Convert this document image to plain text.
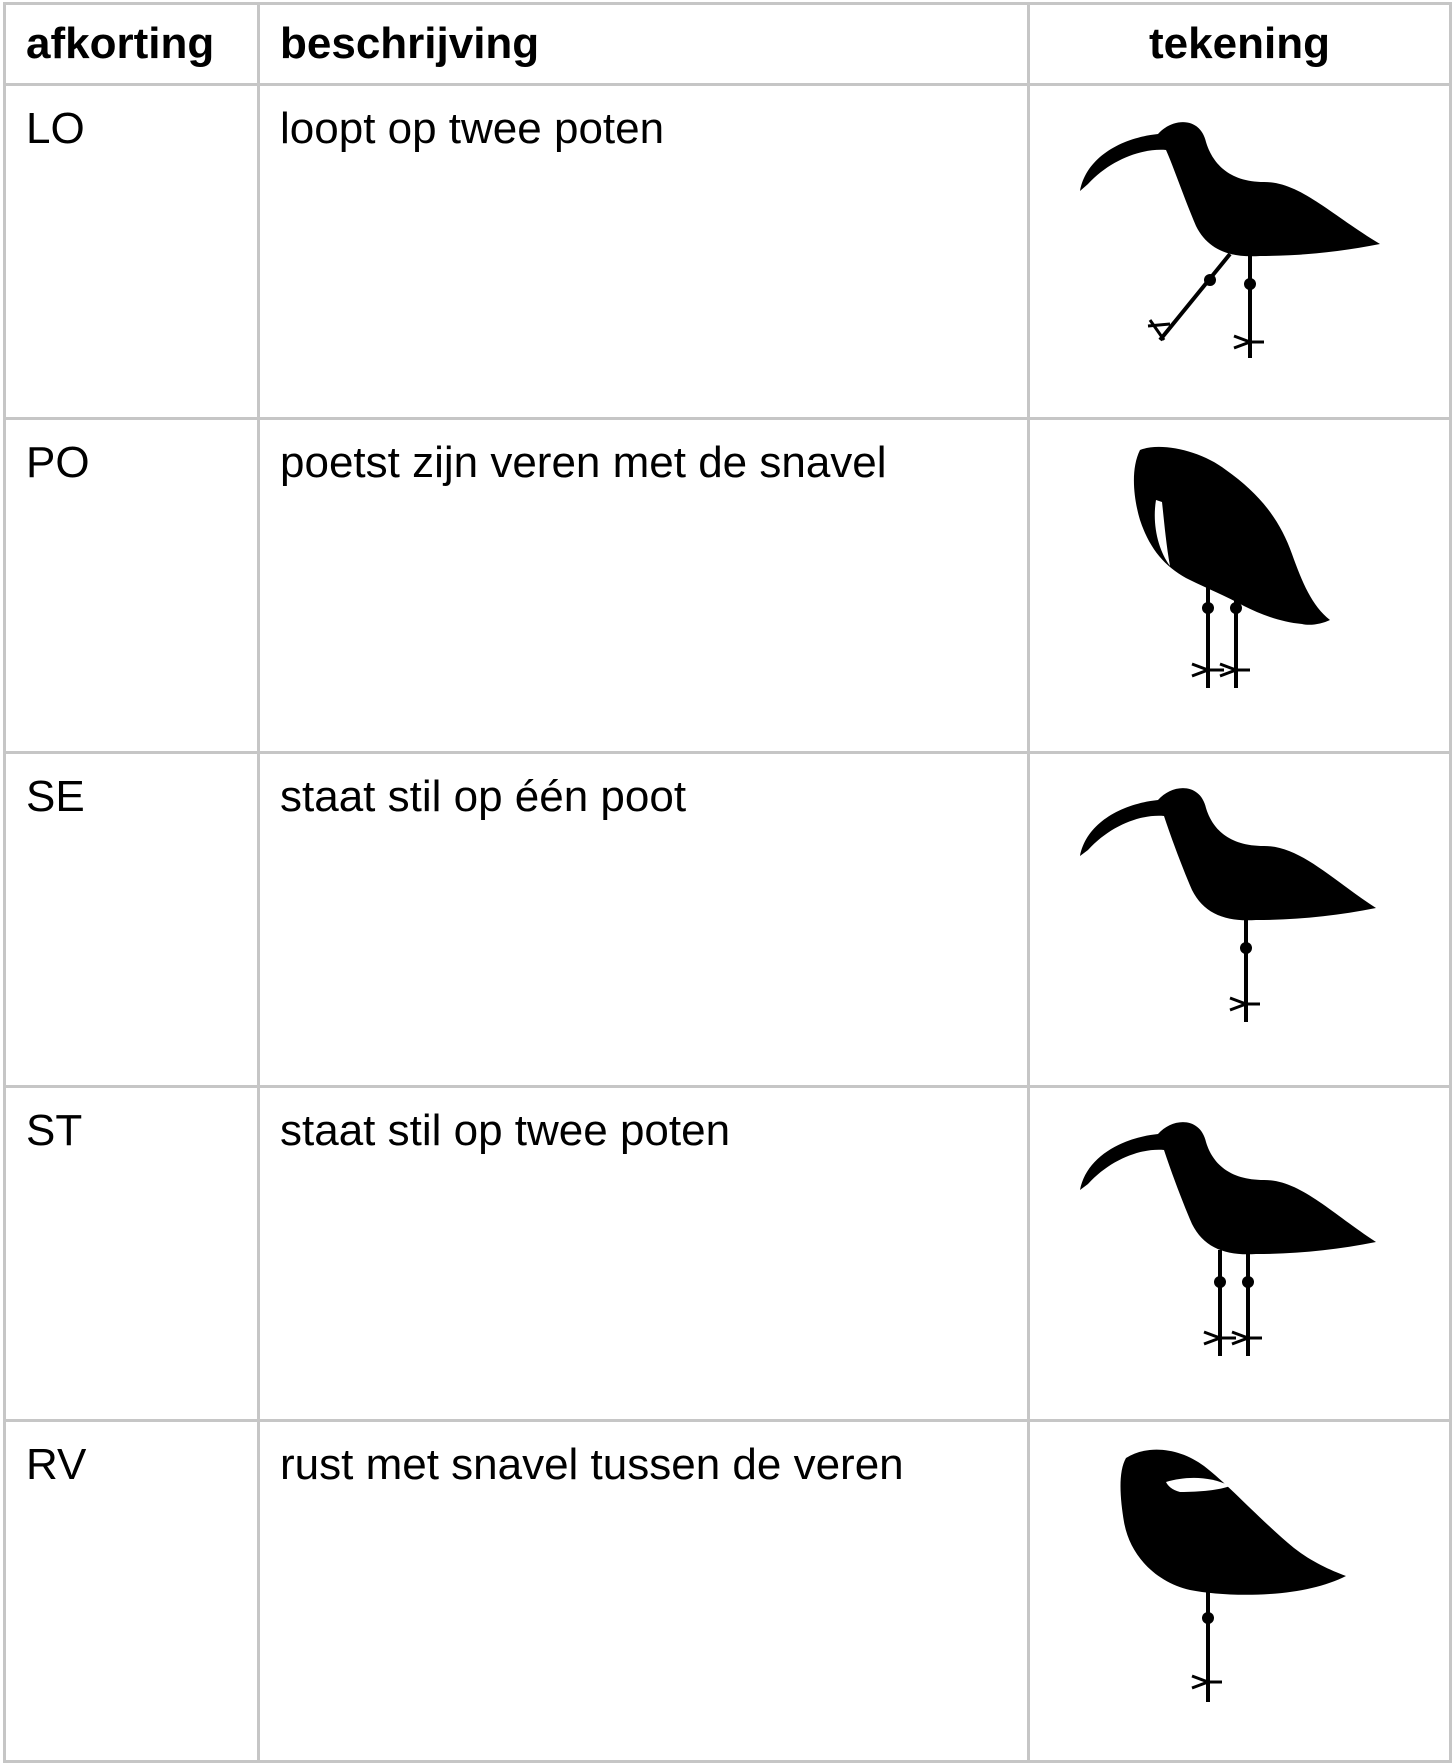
afkorting	beschrijving	tekening
LO	loopt op twee poten	

PO	poetst zijn veren met de snavel	

SE	staat stil op één poot	

ST	staat stil op twee poten	

RV	rust met snavel tussen de veren	
